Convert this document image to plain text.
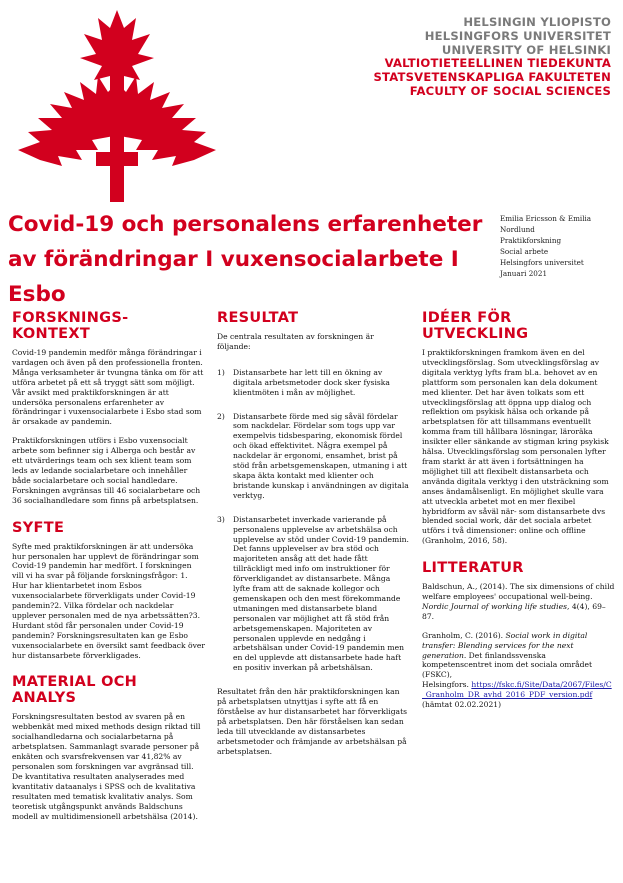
HELSINGIN YLIOPISTO
HELSINGFORS UNIVERSITET
UNIVERSITY OF HELSINKI
VALTIOTIETEELLINEN TIEDEKUNTA
STATSVETENSKAPLIGA FAKULTETEN
FACULTY OF SOCIAL SCIENCES
Covid-19 och personalens erfarenheter av förändringar I vuxensocialarbete I Esbo
Emilia Ericsson & Emilia
Nordlund
Praktikforskning
Social arbete
Helsingfors universitet
Januari 2021
FORSKNINGS-KONTEXT

Covid-19 pandemin medför många förändringar i vardagen och även på den professionella fronten. Många verksamheter är tvungna tänka om för att utföra arbetet på ett så tryggt sätt som möjligt. Vår avsikt med praktikforskningen är att undersöka personalens erfarenheter av förändringar i vuxensocialarbete i Esbo stad som är orsakade av pandemin.

Praktikforskningen utförs i Esbo vuxensocialt arbete som befinner sig i Alberga och består av ett utvärderings team och sex klient team som leds av ledande socialarbetare och innehåller både socialarbetare och social handledare. Forskningen avgränsas till 46 socialarbetare och 36 socialhandledare som finns på arbetsplatsen.

SYFTE

Syfte med praktikforskningen är att undersöka hur personalen har upplevt de förändringar som Covid-19 pandemin har medfört. I forskningen vill vi ha svar på följande forskningsfrågor: 1. Hur har klientarbetet inom Esbos vuxensocialarbete förverkligats under Covid-19 pandemin?2. Vilka fördelar och nackdelar upplever personalen med de nya arbetssätten?3. Hurdant stöd får personalen under Covid-19 pandemin? Forskningsresultaten kan ge Esbo vuxensocialarbete en översikt samt feedback över hur distansarbete förverkligades.

MATERIAL OCH ANALYS

Forskningsresultaten bestod av svaren på en webbenkät med mixed methods design riktad till socialhandledarna och socialarbetarna på arbetsplatsen. Sammanlagt svarade personer på enkäten och svarsfrekvensen var 41,82% av personalen som forskningen var avgränsad till. De kvantitativa resultaten analyserades med kvantitativ dataanalys i SPSS och de kvalitativa resultaten med tematisk kvalitativ analys. Som teoretisk utgångspunkt används Baldschuns modell av multidimensionell arbetshälsa (2014).

RESULTAT

De centrala resultaten av forskningen är följande:

1)	Distansarbete har lett till en ökning av digitala arbetsmetoder dock sker fysiska klientmöten i mån av möjlighet.
2)	Distansarbete förde med sig såväl fördelar som nackdelar. Fördelar som togs upp var exempelvis tidsbesparing, ekonomisk fördel och ökad effektivitet. Några exempel på nackdelar är ergonomi, ensamhet, brist på stöd från arbetsgemenskapen, utmaning i att skapa äkta kontakt med klienter och bristande kunskap i användningen av digitala verktyg.
3)	Distansarbetet inverkade varierande på personalens upplevelse av arbetshälsa och upplevelse av stöd under Covid-19 pandemin. Det fanns upplevelser av bra stöd och majoriteten ansåg att det hade fått tillräckligt med info om instruktioner för förverkligandet av distansarbete. Många lyfte fram att de saknade kollegor och gemenskapen och den mest förekommande utmaningen med distansarbete bland personalen var möjlighet att få stöd från arbetsgemenskapen. Majoriteten av personalen upplevde en nedgång i arbetshälsan under Covid-19 pandemin men en del upplevde att distansarbete hade haft en positiv inverkan på arbetshälsan.

Resultatet från den här praktikforskningen kan på arbetsplatsen utnyttjas i syfte att få en förståelse av hur distansarbetet har förverkligats på arbetsplatsen. Den här förståelsen kan sedan leda till utvecklande av distansarbetes arbetsmetoder och främjande av arbetshälsan på arbetsplatsen.

IDÉER FÖR UTVECKLING

I praktikforskningen framkom även en del utvecklingsförslag. Som utvecklingsförslag av digitala verktyg lyfts fram bl.a. behovet av en plattform som personalen kan dela dokument med klienter. Det har även tolkats som ett utvecklingsförslag att öppna upp dialog och reflektion om psykisk hälsa och orkande på arbetsplatsen för att tillsammans eventuellt komma fram till hållbara lösningar, läroräka insikter eller sänkande av stigman kring psykisk hälsa. Utvecklingsförslag som personalen lyfter fram starkt är att även i fortsättningen ha möjlighet till att flexibelt distansarbeta och använda digitala verktyg i den utsträckning som anses ändamålsenligt. En möjlighet skulle vara att utveckla arbetet mot en mer flexibel hybridform av såväl när- som distansarbete dvs blended social work, där det sociala arbetet utförs i två dimensioner: online och offline (Granholm, 2016, 58).

LITTERATUR

Baldschun, A., (2014). The six dimensions of child welfare employees' occupational well-being. Nordic Journal of working life studies, 4(4), 69–87.

Granholm, C. (2016). Social work in digital transfer: Blending services for the next generation. Det finlandssvenska kompetenscentret inom det sociala området (FSKC),
Helsingfors. https://fskc.fi/Site/Data/2067/Files/C_Granholm_DR_avhd_2016_PDF_version.pdf (hämtat 02.02.2021)
